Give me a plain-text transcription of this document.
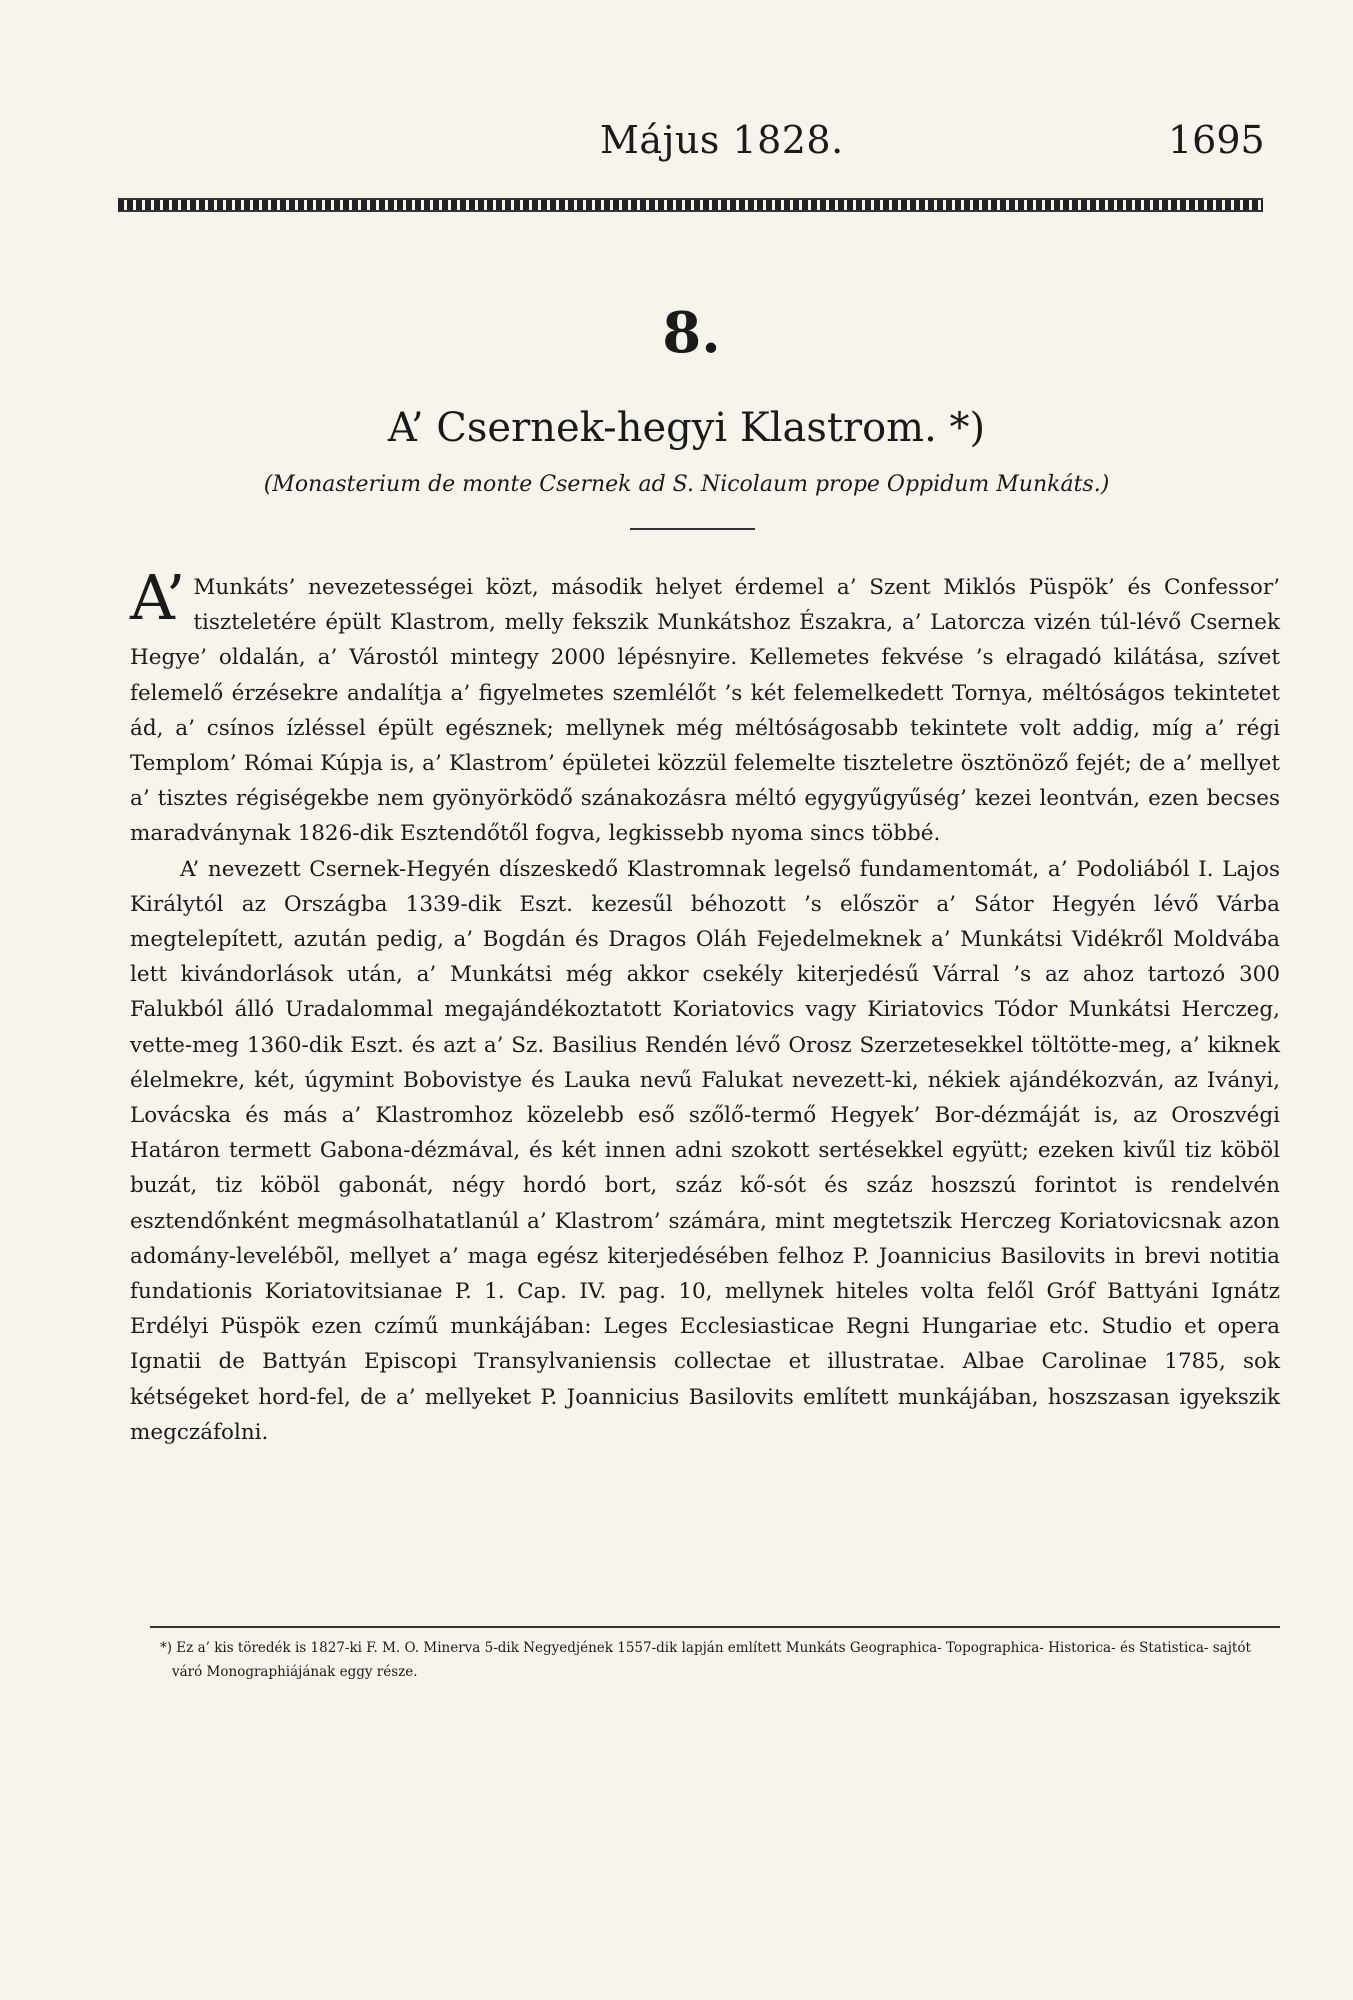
Május 1828.	1695
8.
A’ Csernek-hegyi Klastrom. *)
(Monasterium de monte Csernek ad S. Nicolaum prope Oppidum Munkáts.)

A’ Munkáts’ nevezetességei közt, második helyet érdemel a’ Szent Miklós Püspök’ és Confessor’ tiszteletére épült Klastrom, melly fekszik Munkátshoz Északra, a’ Latorcza vizén túl-lévő Csernek Hegye’ oldalán, a’ Várostól mintegy 2000 lépésnyire. Kellemetes fekvése ’s elragadó kilátása, szívet felemelő érzésekre andalítja a’ figyelmetes szemlélőt ’s két felemelkedett Tornya, méltóságos tekintetet ád, a’ csínos ízléssel épült egésznek; mellynek még méltóságosabb tekintete volt addig, míg a’ régi Templom’ Római Kúpja is, a’ Klastrom’ épületei közzül felemelte tiszteletre ösztönöző fejét; de a’ mellyet a’ tisztes régiségekbe nem gyönyörködő szánakozásra méltó egygyűgyűség’ kezei leontván, ezen becses maradványnak 1826-dik Esztendőtől fogva, legkissebb nyoma sincs többé.

A’ nevezett Csernek-Hegyén díszeskedő Klastromnak legelső fundamentomát, a’ Podoliából I. Lajos Királytól az Országba 1339-dik Eszt. kezesűl béhozott ’s először a’ Sátor Hegyén lévő Várba megtelepített, azután pedig, a’ Bogdán és Dragos Oláh Fejedelmeknek a’ Munkátsi Vidékről Moldvába lett kivándorlások után, a’ Munkátsi még akkor csekély kiterjedésű Várral ’s az ahoz tartozó 300 Falukból álló Uradalommal megajándékoztatott Koriatovics vagy Kiriatovics Tódor Munkátsi Herczeg, vette-meg 1360-dik Eszt. és azt a’ Sz. Basilius Rendén lévő Orosz Szerzetesekkel töltötte-meg, a’ kiknek élelmekre, két, úgymint Bobovistye és Lauka nevű Falukat nevezett-ki, nékiek ajándékozván, az Iványi, Lovácska és más a’ Klastromhoz közelebb eső szőlő-termő Hegyek’ Bor-dézmáját is, az Oroszvégi Határon termett Gabona-dézmával, és két innen adni szokott sertésekkel együtt; ezeken kivűl tiz köböl buzát, tiz köböl gabonát, négy hordó bort, száz kő-sót és száz hoszszú forintot is rendelvén esztendőnként megmásolhatatlanúl a’ Klastrom’ számára, mint megtetszik Herczeg Koriatovicsnak azon adomány-levelébõl, mellyet a’ maga egész kiterjedésében felhoz P. Joannicius Basilovits in brevi notitia fundationis Koriatovitsianae P. 1. Cap. IV. pag. 10, mellynek hiteles volta felől Gróf Battyáni Ignátz Erdélyi Püspök ezen czímű munkájában: Leges Ecclesiasticae Regni Hungariae etc. Studio et opera Ignatii de Battyán Episcopi Transylvaniensis collectae et illustratae. Albae Carolinae 1785, sok kétségeket hord-fel, de a’ mellyeket P. Joannicius Basilovits említett munkájában, hoszszasan igyekszik megczáfolni.

*) Ez a’ kis töredék is 1827-ki F. M. O. Minerva 5-dik Negyedjének 1557-dik lapján említett Munkáts Geographica- Topographica- Historica- és Statistica- sajtót váró Monographiájának eggy része.
